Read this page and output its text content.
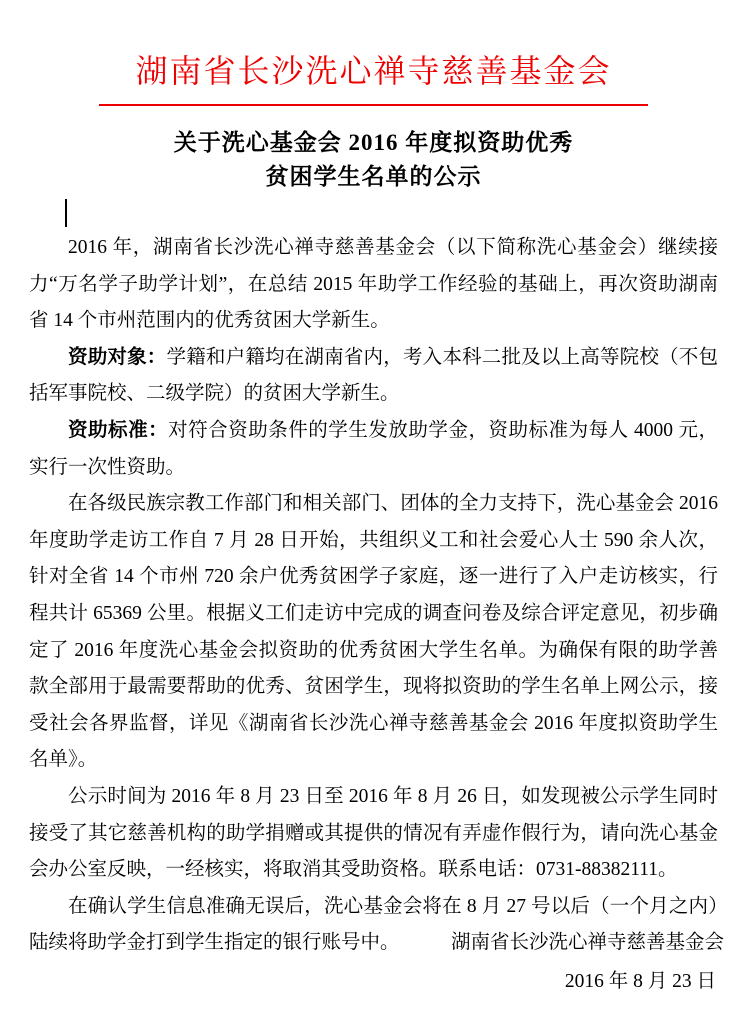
湖南省长沙洗心禅寺慈善基金会
关于洗心基金会 2016 年度拟资助优秀
贫困学生名单的公示

2016 年，湖南省长沙洗心禅寺慈善基金会（以下简称洗心基金会）继续接力“万名学子助学计划”，在总结 2015 年助学工作经验的基础上，再次资助湖南省 14 个市州范围内的优秀贫困大学新生。

资助对象：学籍和户籍均在湖南省内，考入本科二批及以上高等院校（不包括军事院校、二级学院）的贫困大学新生。

资助标准：对符合资助条件的学生发放助学金，资助标准为每人 4000 元，实行一次性资助。

在各级民族宗教工作部门和相关部门、团体的全力支持下，洗心基金会 2016 年度助学走访工作自 7 月 28 日开始，共组织义工和社会爱心人士 590 余人次，针对全省 14 个市州 720 余户优秀贫困学子家庭，逐一进行了入户走访核实，行程共计 65369 公里。根据义工们走访中完成的调查问卷及综合评定意见，初步确定了 2016 年度洗心基金会拟资助的优秀贫困大学生名单。为确保有限的助学善款全部用于最需要帮助的优秀、贫困学生，现将拟资助的学生名单上网公示，接受社会各界监督，详见《湖南省长沙洗心禅寺慈善基金会 2016 年度拟资助学生名单》。

公示时间为 2016 年 8 月 23 日至 2016 年 8 月 26 日，如发现被公示学生同时接受了其它慈善机构的助学捐赠或其提供的情况有弄虚作假行为，请向洗心基金会办公室反映，一经核实，将取消其受助资格。联系电话：0731-88382111。

在确认学生信息准确无误后，洗心基金会将在 8 月 27 号以后（一个月之内）陆续将助学金打到学生指定的银行账号中。	湖南省长沙洗心禅寺慈善基金会
2016 年 8 月 23 日
